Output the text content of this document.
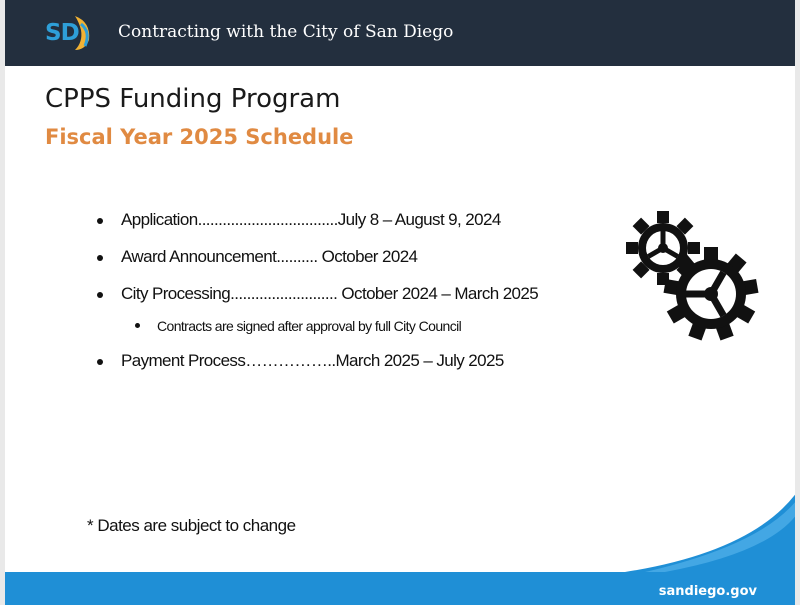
SD Contracting with the City of San Diego
CPPS Funding Program
Fiscal Year 2025 Schedule
Application..................................July 8 – August 9, 2024
Award Announcement.......... October 2024
City Processing.......................... October 2024 – March 2025
Contracts are signed after approval by full City Council
Payment Process……………..March 2025 – July 2025
* Dates are subject to change
sandiego.gov
